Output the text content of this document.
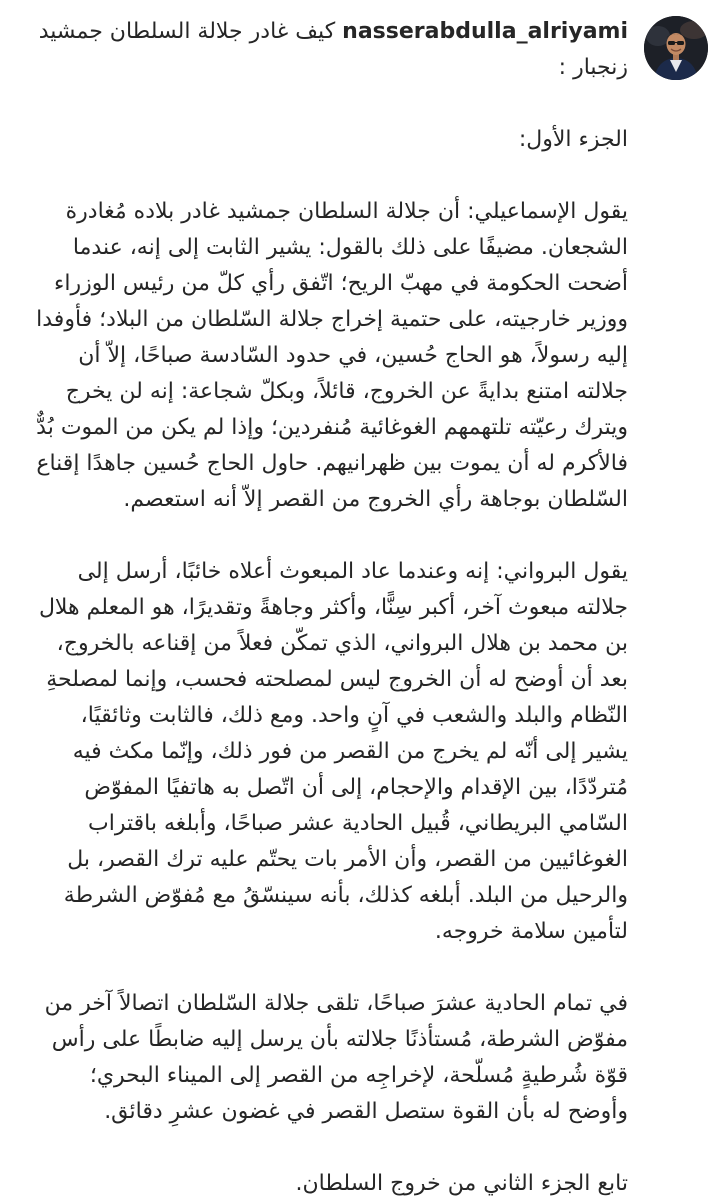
nasserabdulla_alriyami كيف غادر جلالة السلطان جمشيد زنجبار :

الجزء الأول:

يقول الإسماعيلي: أن جلالة السلطان جمشيد غادر بلاده مُغادرة الشجعان. مضيفًا على ذلك بالقول: يشير الثابت إلى إنه، عندما أضحت الحكومة في مهبّ الريح؛ اتّفق رأي كلّ من رئيس الوزراء ووزير خارجيته، على حتمية إخراج جلالة السّلطان من البلاد؛ فأوفدا إليه رسولاً، هو الحاج حُسين، في حدود السّادسة صباحًا، إلاّ أن جلالته امتنع بدايةً عن الخروج، قائلاً، وبكلّ شجاعة: إنه لن يخرج ويترك رعيّته تلتهمهم الغوغائية مُنفردين؛ وإذا لم يكن من الموت بُدٌّ فالأكرم له أن يموت بين ظهرانيهم. حاول الحاج حُسين جاهدًا إقناع السّلطان بوجاهة رأي الخروج من القصر إلاّ أنه استعصم.

يقول البرواني: إنه وعندما عاد المبعوث أعلاه خائبًا، أرسل إلى جلالته مبعوث آخر، أكبر سِنًّا، وأكثر وجاهةً وتقديرًا، هو المعلم هلال بن محمد بن هلال البرواني، الذي تمكّن فعلاً من إقناعه بالخروج، بعد أن أوضح له أن الخروج ليس لمصلحته فحسب، وإنما لمصلحةِ النّظام والبلد والشعب في آنٍ واحد. ومع ذلك، فالثابت وثائقيًا، يشير إلى أنّه لم يخرج من القصر من فور ذلك، وإنّما مكث فيه مُتردّدًا، بين الإقدام والإحجام، إلى أن اتّصل به هاتفيًا المفوّض السّامي البريطاني، قُبيل الحادية عشر صباحًا، وأبلغه باقتراب الغوغائيين من القصر، وأن الأمر بات يحتّم عليه ترك القصر، بل والرحيل من البلد. أبلغه كذلك، بأنه سينسّقُ مع مُفوّض الشرطة لتأمين سلامة خروجه.

في تمام الحادية عشرَ صباحًا، تلقى جلالة السّلطان اتصالاً آخر من مفوّض الشرطة، مُستأذنًا جلالته بأن يرسل إليه ضابطًا على رأس قوّة شُرطيةٍ مُسلّحة، لإخراجِه من القصر إلى الميناء البحري؛ وأوضح له بأن القوة ستصل القصر في غضون عشرِ دقائق.

تابع الجزء الثاني من خروج السلطان.
